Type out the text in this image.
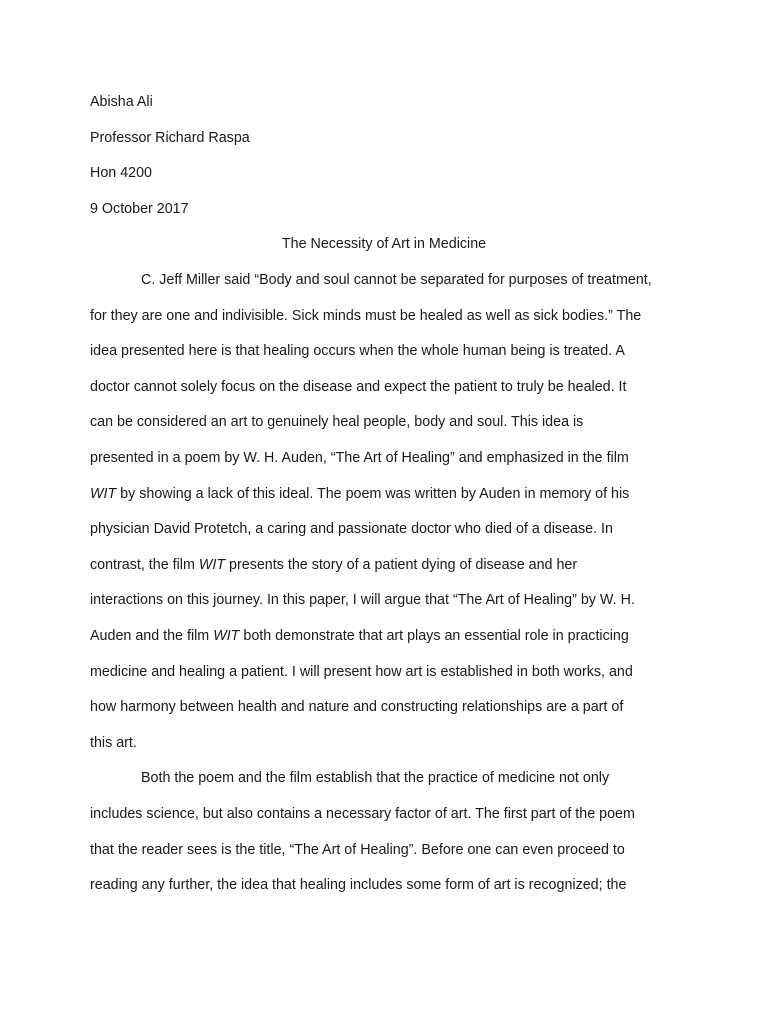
Abisha Ali
Professor Richard Raspa
Hon 4200
9 October 2017
The Necessity of Art in Medicine
C. Jeff Miller said “Body and soul cannot be separated for purposes of treatment,
for they are one and indivisible. Sick minds must be healed as well as sick bodies.” The
idea presented here is that healing occurs when the whole human being is treated. A
doctor cannot solely focus on the disease and expect the patient to truly be healed. It
can be considered an art to genuinely heal people, body and soul. This idea is
presented in a poem by W. H. Auden, “The Art of Healing” and emphasized in the film
WIT by showing a lack of this ideal. The poem was written by Auden in memory of his
physician David Protetch, a caring and passionate doctor who died of a disease. In
contrast, the film WIT presents the story of a patient dying of disease and her
interactions on this journey. In this paper, I will argue that “The Art of Healing” by W. H.
Auden and the film WIT both demonstrate that art plays an essential role in practicing
medicine and healing a patient. I will present how art is established in both works, and
how harmony between health and nature and constructing relationships are a part of
this art.
Both the poem and the film establish that the practice of medicine not only
includes science, but also contains a necessary factor of art. The first part of the poem
that the reader sees is the title, “The Art of Healing”. Before one can even proceed to
reading any further, the idea that healing includes some form of art is recognized; the
